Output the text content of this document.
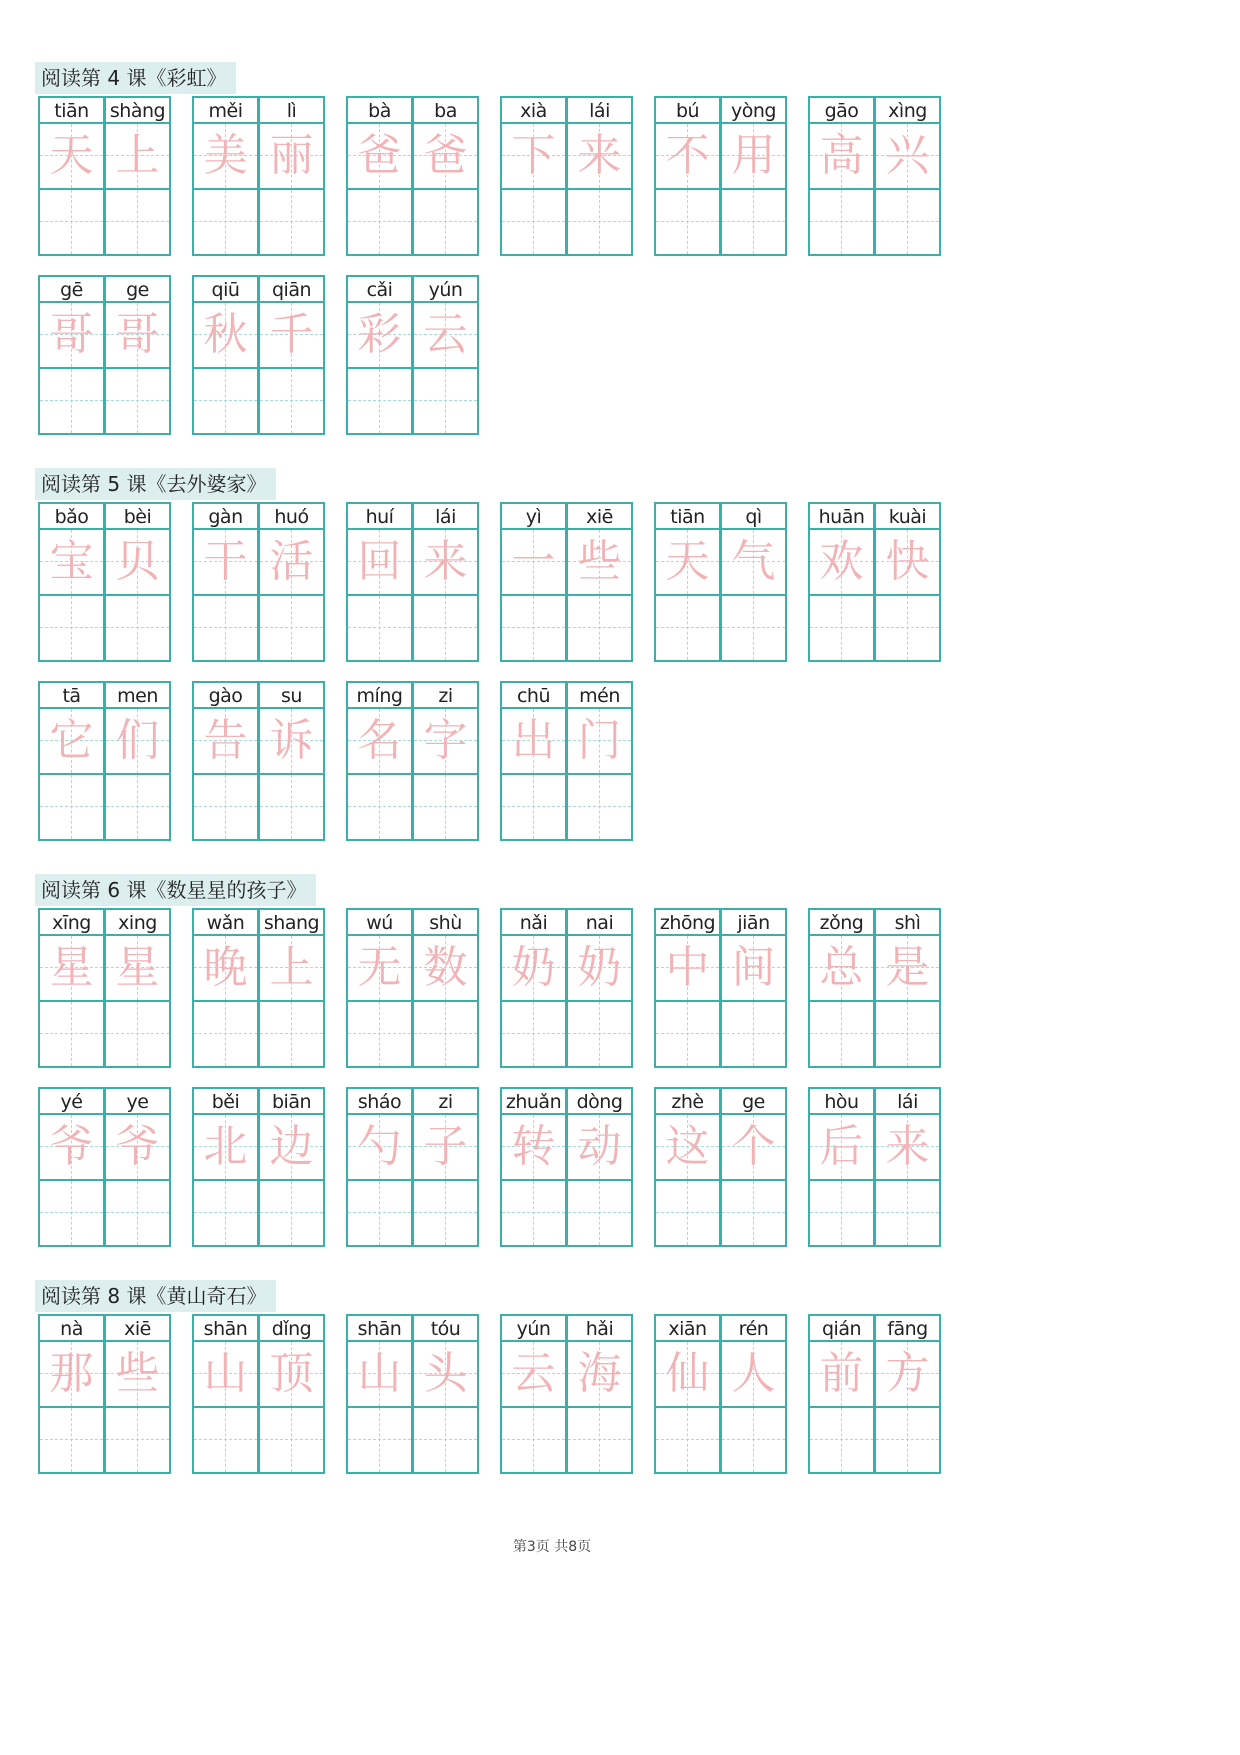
阅读第 4 课《彩虹》
tiān
天
shàng
上
měi
美
lì
丽
bà
爸
ba
爸
xià
下
lái
来
bú
不
yòng
用
gāo
高
xìng
兴
gē
哥
ge
哥
qiū
秋
qiān
千
cǎi
彩
yún
云
阅读第 5 课《去外婆家》
bǎo
宝
bèi
贝
gàn
干
huó
活
huí
回
lái
来
yì
一
xiē
些
tiān
天
qì
气
huān
欢
kuài
快
tā
它
men
们
gào
告
su
诉
míng
名
zi
字
chū
出
mén
门
阅读第 6 课《数星星的孩子》
xīng
星
xing
星
wǎn
晚
shang
上
wú
无
shù
数
nǎi
奶
nai
奶
zhōng
中
jiān
间
zǒng
总
shì
是
yé
爷
ye
爷
běi
北
biān
边
sháo
勺
zi
子
zhuǎn
转
dòng
动
zhè
这
ge
个
hòu
后
lái
来
阅读第 8 课《黄山奇石》
nà
那
xiē
些
shān
山
dǐng
顶
shān
山
tóu
头
yún
云
hǎi
海
xiān
仙
rén
人
qián
前
fāng
方
第3页 共8页
